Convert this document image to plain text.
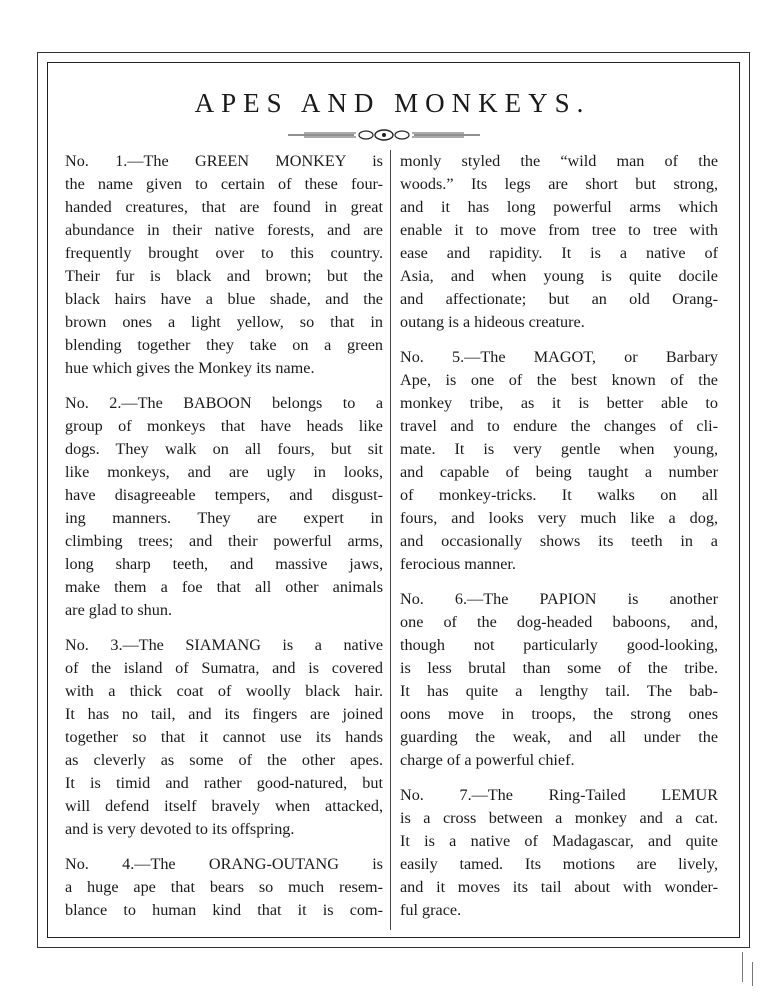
APES AND MONKEYS.
No. 1.—The GREEN MONKEY is
the name given to certain of these four-
handed creatures, that are found in great
abundance in their native forests, and are
frequently brought over to this country.
Their fur is black and brown; but the
black hairs have a blue shade, and the
brown ones a light yellow, so that in
blending together they take on a green
hue which gives the Monkey its name.
No. 2.—The BABOON belongs to a
group of monkeys that have heads like
dogs. They walk on all fours, but sit
like monkeys, and are ugly in looks,
have disagreeable tempers, and disgust-
ing manners. They are expert in
climbing trees; and their powerful arms,
long sharp teeth, and massive jaws,
make them a foe that all other animals
are glad to shun.
No. 3.—The SIAMANG is a native
of the island of Sumatra, and is covered
with a thick coat of woolly black hair.
It has no tail, and its fingers are joined
together so that it cannot use its hands
as cleverly as some of the other apes.
It is timid and rather good-natured, but
will defend itself bravely when attacked,
and is very devoted to its offspring.
No. 4.—The ORANG-OUTANG is
a huge ape that bears so much resem-
blance to human kind that it is com-
monly styled the “wild man of the
woods.” Its legs are short but strong,
and it has long powerful arms which
enable it to move from tree to tree with
ease and rapidity. It is a native of
Asia, and when young is quite docile
and affectionate; but an old Orang-
outang is a hideous creature.
No. 5.—The MAGOT, or Barbary
Ape, is one of the best known of the
monkey tribe, as it is better able to
travel and to endure the changes of cli-
mate. It is very gentle when young,
and capable of being taught a number
of monkey-tricks. It walks on all
fours, and looks very much like a dog,
and occasionally shows its teeth in a
ferocious manner.
No. 6.—The PAPION is another
one of the dog-headed baboons, and,
though not particularly good-looking,
is less brutal than some of the tribe.
It has quite a lengthy tail. The bab-
oons move in troops, the strong ones
guarding the weak, and all under the
charge of a powerful chief.
No. 7.—The Ring-Tailed LEMUR
is a cross between a monkey and a cat.
It is a native of Madagascar, and quite
easily tamed. Its motions are lively,
and it moves its tail about with wonder-
ful grace.
